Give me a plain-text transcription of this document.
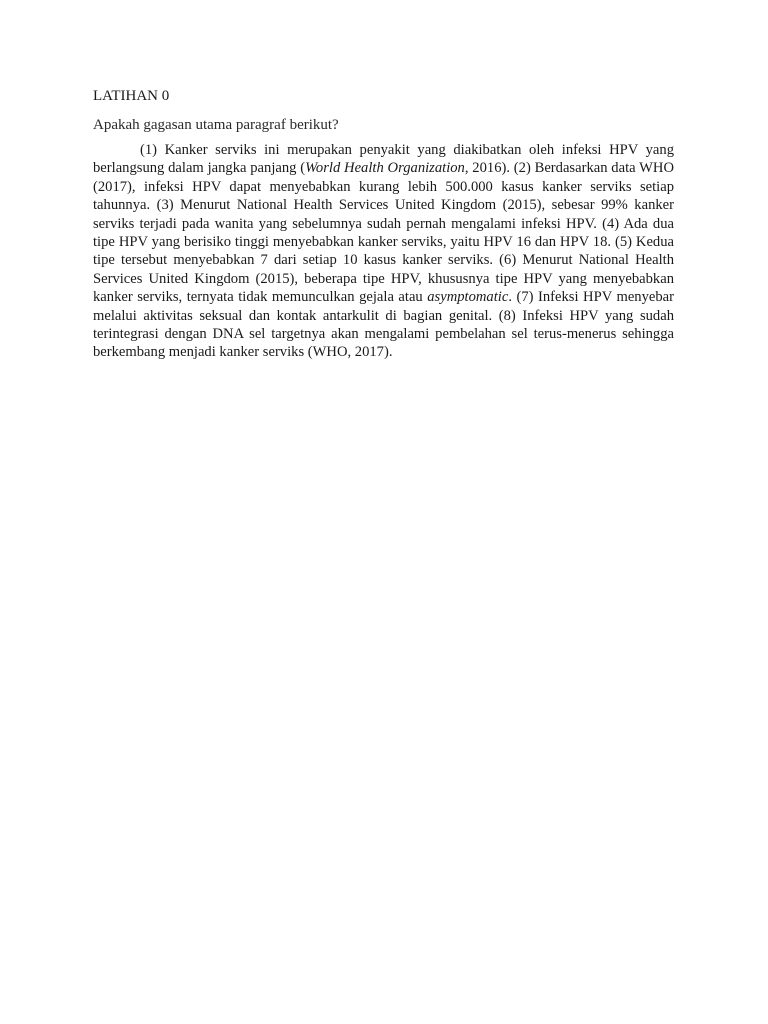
LATIHAN 0

Apakah gagasan utama paragraf berikut?

(1) Kanker serviks ini merupakan penyakit yang diakibatkan oleh infeksi HPV yang berlangsung dalam jangka panjang (World Health Organization, 2016). (2) Berdasarkan data WHO (2017), infeksi HPV dapat menyebabkan kurang lebih 500.000 kasus kanker serviks setiap tahunnya. (3) Menurut National Health Services United Kingdom (2015), sebesar 99% kanker serviks terjadi pada wanita yang sebelumnya sudah pernah mengalami infeksi HPV. (4) Ada dua tipe HPV yang berisiko tinggi menyebabkan kanker serviks, yaitu HPV 16 dan HPV 18. (5) Kedua tipe tersebut menyebabkan 7 dari setiap 10 kasus kanker serviks. (6) Menurut National Health Services United Kingdom (2015), beberapa tipe HPV, khususnya tipe HPV yang menyebabkan kanker serviks, ternyata tidak memunculkan gejala atau asymptomatic. (7) Infeksi HPV menyebar melalui aktivitas seksual dan kontak antarkulit di bagian genital. (8) Infeksi HPV yang sudah terintegrasi dengan DNA sel targetnya akan mengalami pembelahan sel terus-menerus sehingga berkembang menjadi kanker serviks (WHO, 2017).
